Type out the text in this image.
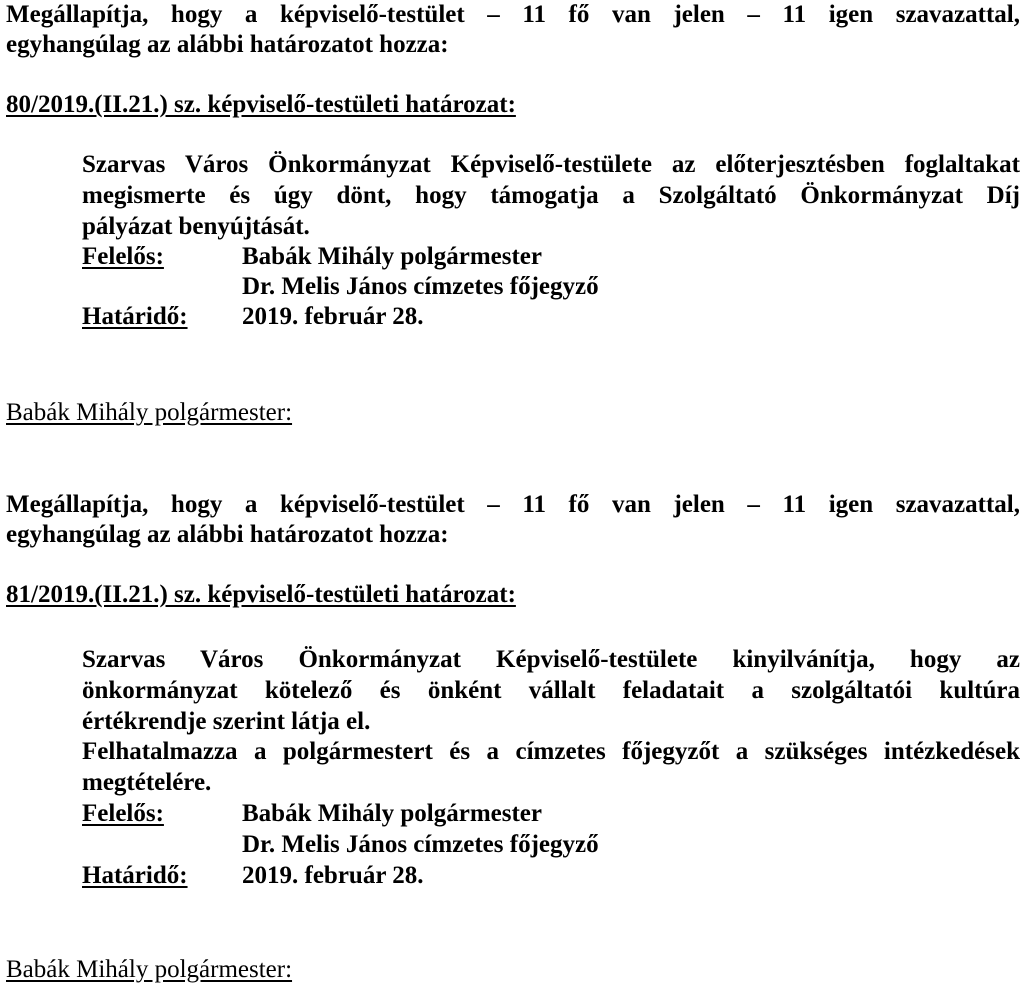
Megállapítja, hogy a képviselő-testület – 11 fő van jelen – 11 igen szavazattal,
egyhangúlag az alábbi határozatot hozza:
80/2019.(II.21.) sz. képviselő-testületi határozat:
Szarvas Város Önkormányzat Képviselő-testülete az előterjesztésben foglaltakat
megismerte és úgy dönt, hogy támogatja a Szolgáltató Önkormányzat Díj
pályázat benyújtását.
Felelős:	Babák Mihály polgármester
Dr. Melis János címzetes főjegyző
Határidő: 2019. február 28.
Babák Mihály polgármester:
Megállapítja, hogy a képviselő-testület – 11 fő van jelen – 11 igen szavazattal,
egyhangúlag az alábbi határozatot hozza:
81/2019.(II.21.) sz. képviselő-testületi határozat:
Szarvas Város Önkormányzat Képviselő-testülete kinyilvánítja, hogy az
önkormányzat kötelező és önként vállalt feladatait a szolgáltatói kultúra
értékrendje szerint látja el.
Felhatalmazza a polgármestert és a címzetes főjegyzőt a szükséges intézkedések
megtételére.
Felelős:	Babák Mihály polgármester
Dr. Melis János címzetes főjegyző
Határidő: 2019. február 28.
Babák Mihály polgármester:
